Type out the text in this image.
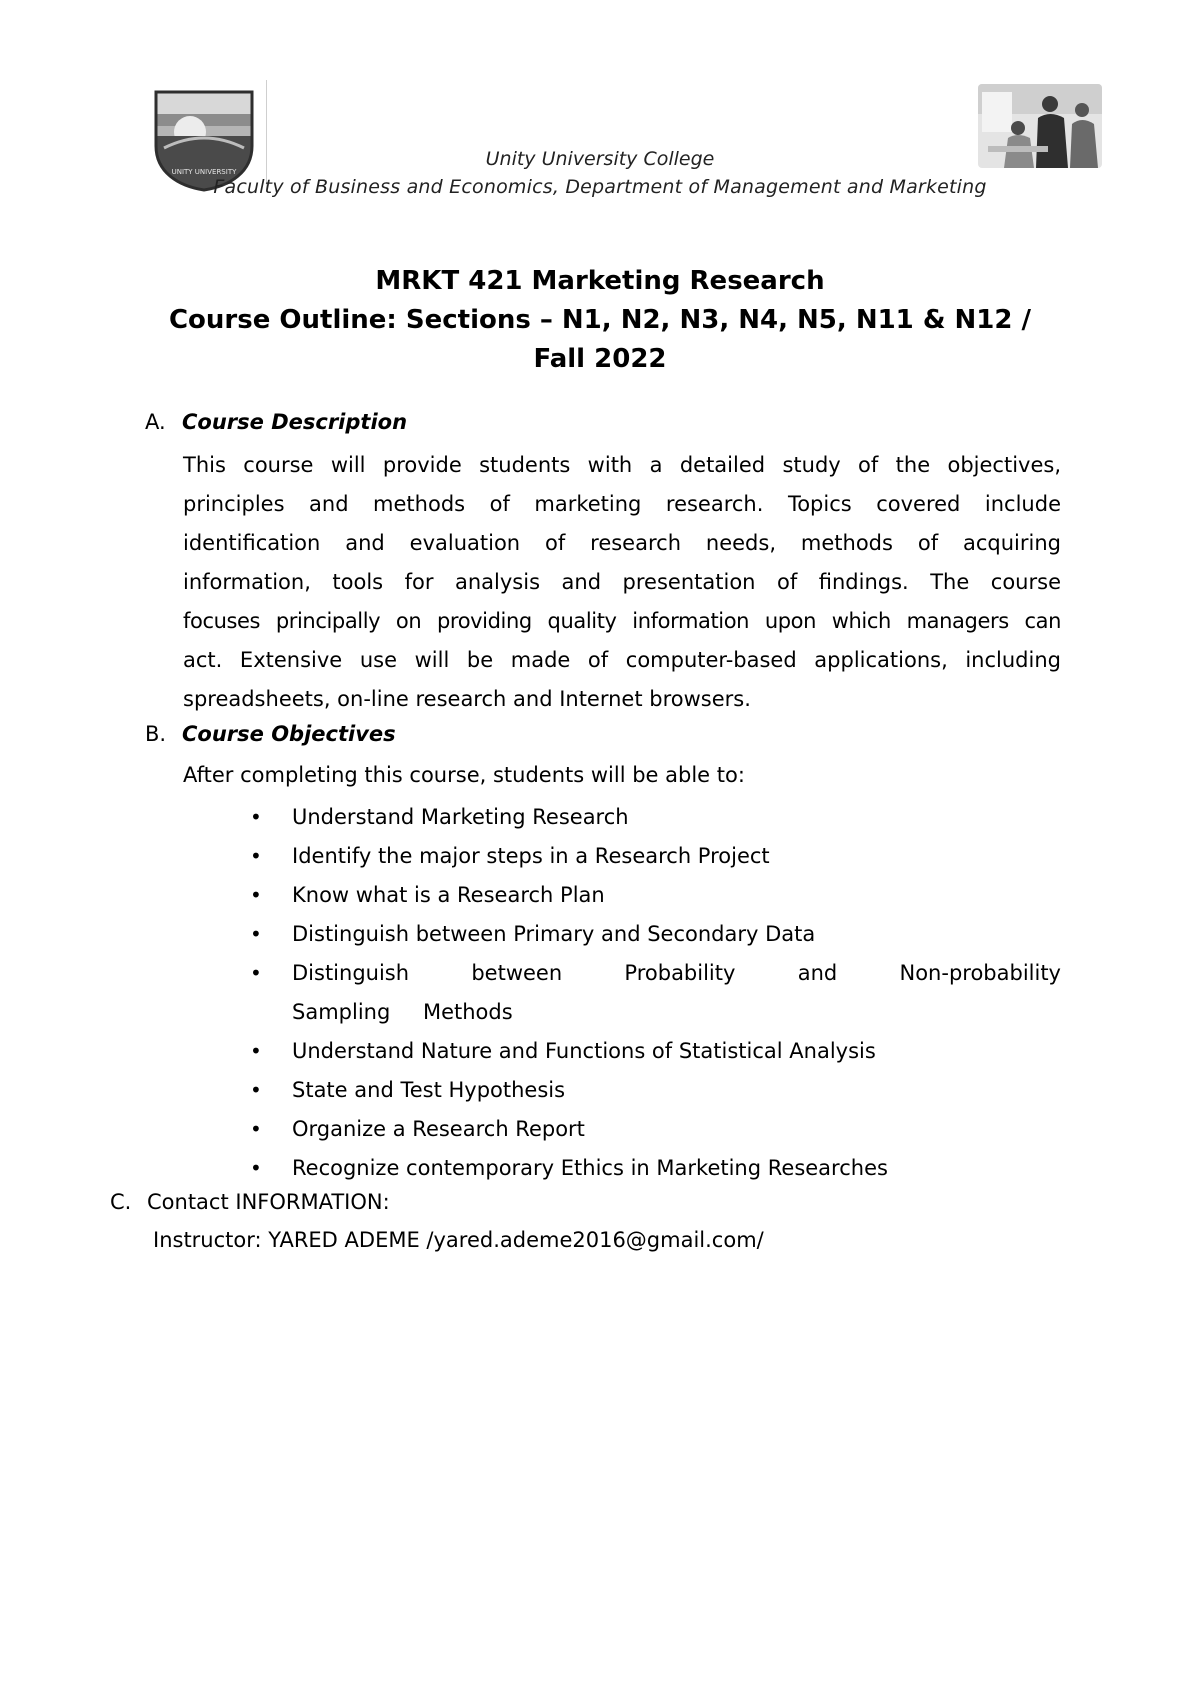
UNITY UNIVERSITY
Unity University College
Faculty of Business and Economics, Department of Management and Marketing
MRKT 421 Marketing Research
Course Outline: Sections – N1, N2, N3, N4, N5, N11 & N12 /
Fall 2022
A. Course Description
This course will provide students with a detailed study of the objectives,
principles and methods of marketing research. Topics covered include
identification and evaluation of research needs, methods of acquiring
information, tools for analysis and presentation of findings. The course
focuses principally on providing quality information upon which managers can
act. Extensive use will be made of computer-based applications, including
spreadsheets, on-line research and Internet browsers.
B. Course Objectives
After completing this course, students will be able to:
•	Understand Marketing Research
•	Identify the major steps in a Research Project
•	Know what is a Research Plan
•	Distinguish between Primary and Secondary Data
•	Distinguish between Probability and Non-probability Sampling Methods
•	Understand Nature and Functions of Statistical Analysis
•	State and Test Hypothesis
•	Organize a Research Report
•	Recognize contemporary Ethics in Marketing Researches
C. Contact INFORMATION:
Instructor: YARED ADEME /yared.ademe2016@gmail.com/
